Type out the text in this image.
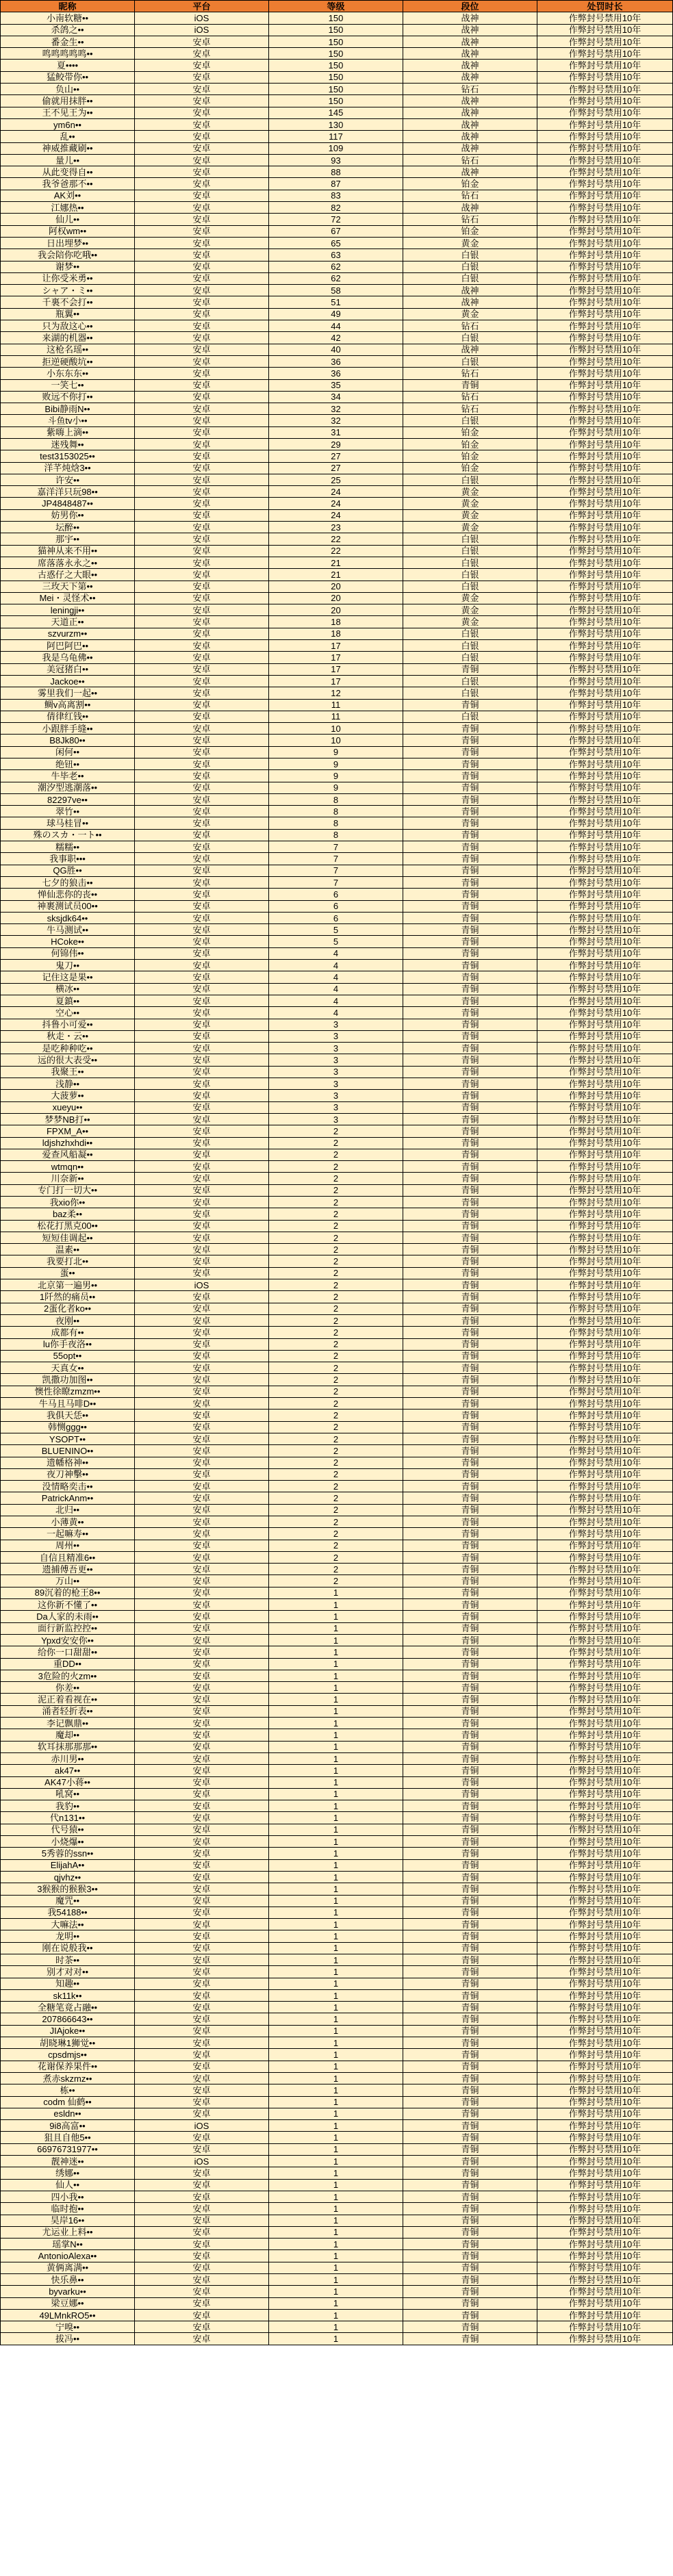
昵称	平台	等级	段位	处罚时长
小南软糖••	iOS	150	战神	作弊封号禁用10年
杀鸽之••	iOS	150	战神	作弊封号禁用10年
番金生••	安卓	150	战神	作弊封号禁用10年
鸣鸣鸣鸣鸣••	安卓	150	战神	作弊封号禁用10年
夏••••	安卓	150	战神	作弊封号禁用10年
猛鲛带你••	安卓	150	战神	作弊封号禁用10年
负山••	安卓	150	钻石	作弊封号禁用10年
偷就用抹胖••	安卓	150	战神	作弊封号禁用10年
王不见王为••	安卓	145	战神	作弊封号禁用10年
ym6n••	安卓	130	战神	作弊封号禁用10年
乱••	安卓	117	战神	作弊封号禁用10年
神威推藏刷••	安卓	109	战神	作弊封号禁用10年
量儿••	安卓	93	钻石	作弊封号禁用10年
从此变得自••	安卓	88	战神	作弊封号禁用10年
我爷爸那不••	安卓	87	铂金	作弊封号禁用10年
AK刘••	安卓	83	钻石	作弊封号禁用10年
江娜热••	安卓	82	战神	作弊封号禁用10年
仙儿••	安卓	72	钻石	作弊封号禁用10年
阿权wm••	安卓	67	铂金	作弊封号禁用10年
日出埋梦••	安卓	65	黄金	作弊封号禁用10年
我会陪你吃哦••	安卓	63	白银	作弊封号禁用10年
谢梦••	安卓	62	白银	作弊封号禁用10年
让你受米勇••	安卓	62	白银	作弊封号禁用10年
シャア・ミ••	安卓	58	战神	作弊封号禁用10年
千裏不会打••	安卓	51	战神	作弊封号禁用10年
瓶翼••	安卓	49	黄金	作弊封号禁用10年
只为敌这心••	安卓	44	钻石	作弊封号禁用10年
来湖的机器••	安卓	42	白银	作弊封号禁用10年
这枪名瑶••	安卓	40	战神	作弊封号禁用10年
拒逆硬酸坑••	安卓	36	白银	作弊封号禁用10年
小东东东••	安卓	36	钻石	作弊封号禁用10年
一笑七••	安卓	35	青铜	作弊封号禁用10年
败远不你打••	安卓	34	钻石	作弊封号禁用10年
Bibi静雨N••	安卓	32	钻石	作弊封号禁用10年
斗鱼tv小••	安卓	32	白银	作弊封号禁用10年
紫嗨上滴••	安卓	31	铂金	作弊封号禁用10年
迷残舞••	安卓	29	铂金	作弊封号禁用10年
test3153025••	安卓	27	铂金	作弊封号禁用10年
洋芊炖焓3••	安卓	27	铂金	作弊封号禁用10年
许安••	安卓	25	白银	作弊封号禁用10年
嘉洋洋只玩98••	安卓	24	黄金	作弊封号禁用10年
JP4848487••	安卓	24	黄金	作弊封号禁用10年
妨男你••	安卓	24	黄金	作弊封号禁用10年
坛醉••	安卓	23	黄金	作弊封号禁用10年
那宇••	安卓	22	白银	作弊封号禁用10年
猫神从来不用••	安卓	22	白银	作弊封号禁用10年
席落落永永之••	安卓	21	白银	作弊封号禁用10年
古惑仔之大眼••	安卓	21	白银	作弊封号禁用10年
三玫天下第••	安卓	20	白银	作弊封号禁用10年
Mei・灵怪术••	安卓	20	黄金	作弊封号禁用10年
leningji••	安卓	20	黄金	作弊封号禁用10年
天道正••	安卓	18	黄金	作弊封号禁用10年
szvurzm••	安卓	18	白银	作弊封号禁用10年
阿巴阿巴••	安卓	17	白银	作弊封号禁用10年
我是乌龟佛••	安卓	17	白银	作弊封号禁用10年
美冠猪白••	安卓	17	青铜	作弊封号禁用10年
Jackoe••	安卓	17	白银	作弊封号禁用10年
雾里我们一起••	安卓	12	白银	作弊封号禁用10年
鲷v高离割••	安卓	11	青铜	作弊封号禁用10年
倩律红钱••	安卓	11	白银	作弊封号禁用10年
小跟胖手缝••	安卓	10	青铜	作弊封号禁用10年
B8Jk80••	安卓	10	青铜	作弊封号禁用10年
闲何••	安卓	9	青铜	作弊封号禁用10年
绝钮••	安卓	9	青铜	作弊封号禁用10年
牛毕老••	安卓	9	青铜	作弊封号禁用10年
潮汐型逃潮落••	安卓	9	青铜	作弊封号禁用10年
82297ve••	安卓	8	青铜	作弊封号禁用10年
翠竹••	安卓	8	青铜	作弊封号禁用10年
球马桂冒••	安卓	8	青铜	作弊封号禁用10年
殊のスカ・一ト••	安卓	8	青铜	作弊封号禁用10年
糯糯••	安卓	7	青铜	作弊封号禁用10年
我事职•••	安卓	7	青铜	作弊封号禁用10年
QG胜••	安卓	7	青铜	作弊封号禁用10年
七夕的狼击••	安卓	7	青铜	作弊封号禁用10年
惮仙悲你的丧••	安卓	6	青铜	作弊封号禁用10年
神裹测试员00••	安卓	6	青铜	作弊封号禁用10年
sksjdk64••	安卓	6	青铜	作弊封号禁用10年
牛马测试••	安卓	5	青铜	作弊封号禁用10年
HCoke••	安卓	5	青铜	作弊封号禁用10年
何锦伟••	安卓	4	青铜	作弊封号禁用10年
鬼刀••	安卓	4	青铜	作弊封号禁用10年
记住这是果••	安卓	4	青铜	作弊封号禁用10年
横冰••	安卓	4	青铜	作弊封号禁用10年
夏鎮••	安卓	4	青铜	作弊封号禁用10年
空心••	安卓	4	青铜	作弊封号禁用10年
抖鲁小可爱••	安卓	3	青铜	作弊封号禁用10年
秋走・云••	安卓	3	青铜	作弊封号禁用10年
是吃种种吃••	安卓	3	青铜	作弊封号禁用10年
远的很大表受••	安卓	3	青铜	作弊封号禁用10年
我聚王••	安卓	3	青铜	作弊封号禁用10年
浅静••	安卓	3	青铜	作弊封号禁用10年
大菠萝••	安卓	3	青铜	作弊封号禁用10年
xueyu••	安卓	3	青铜	作弊封号禁用10年
梦梦NB打••	安卓	3	青铜	作弊封号禁用10年
FPXM_A••	安卓	2	青铜	作弊封号禁用10年
ldjshzhxhdi••	安卓	2	青铜	作弊封号禁用10年
爱查风船凝••	安卓	2	青铜	作弊封号禁用10年
wtmqn••	安卓	2	青铜	作弊封号禁用10年
川奈新••	安卓	2	青铜	作弊封号禁用10年
专门打一切大••	安卓	2	青铜	作弊封号禁用10年
我xio你••	安卓	2	青铜	作弊封号禁用10年
baz柔••	安卓	2	青铜	作弊封号禁用10年
松花打黑克00••	安卓	2	青铜	作弊封号禁用10年
短短佳调起••	安卓	2	青铜	作弊封号禁用10年
温素••	安卓	2	青铜	作弊封号禁用10年
我要打北••	安卓	2	青铜	作弊封号禁用10年
蛋••	安卓	2	青铜	作弊封号禁用10年
北京第一遍男••	iOS	2	青铜	作弊封号禁用10年
1阡然的痛员••	安卓	2	青铜	作弊封号禁用10年
2蛋化者ko••	安卓	2	青铜	作弊封号禁用10年
夜刚••	安卓	2	青铜	作弊封号禁用10年
成都有••	安卓	2	青铜	作弊封号禁用10年
lu你手夜洛••	安卓	2	青铜	作弊封号禁用10年
55opt••	安卓	2	青铜	作弊封号禁用10年
天真女••	安卓	2	青铜	作弊封号禁用10年
凯撒功加图••	安卓	2	青铜	作弊封号禁用10年
懊性徐瞭zmzm••	安卓	2	青铜	作弊封号禁用10年
牛马且马啡D••	安卓	2	青铜	作弊封号禁用10年
我俱天恁••	安卓	2	青铜	作弊封号禁用10年
韩恻ggg••	安卓	2	青铜	作弊封号禁用10年
YSOPT••	安卓	2	青铜	作弊封号禁用10年
BLUENINO••	安卓	2	青铜	作弊封号禁用10年
遗幡格神••	安卓	2	青铜	作弊封号禁用10年
夜刀神擊••	安卓	2	青铜	作弊封号禁用10年
没情略奕击••	安卓	2	青铜	作弊封号禁用10年
PatrickAnm••	安卓	2	青铜	作弊封号禁用10年
北归••	安卓	2	青铜	作弊封号禁用10年
小薄黄••	安卓	2	青铜	作弊封号禁用10年
一起嘛寿••	安卓	2	青铜	作弊封号禁用10年
周州••	安卓	2	青铜	作弊封号禁用10年
自信且精准6••	安卓	2	青铜	作弊封号禁用10年
遗捕傅吾更••	安卓	2	青铜	作弊封号禁用10年
万山••	安卓	2	青铜	作弊封号禁用10年
89沉着的枪王8••	安卓	1	青铜	作弊封号禁用10年
这你新不懂了••	安卓	1	青铜	作弊封号禁用10年
Da人家的未雨••	安卓	1	青铜	作弊封号禁用10年
面行新监控控••	安卓	1	青铜	作弊封号禁用10年
Ypxd安安你••	安卓	1	青铜	作弊封号禁用10年
给你一口甜甜••	安卓	1	青铜	作弊封号禁用10年
重DD••	安卓	1	青铜	作弊封号禁用10年
3危险的火zm••	安卓	1	青铜	作弊封号禁用10年
你差••	安卓	1	青铜	作弊封号禁用10年
泥正着看视在••	安卓	1	青铜	作弊封号禁用10年
涌者轻折表••	安卓	1	青铜	作弊封号禁用10年
李记飘鼎••	安卓	1	青铜	作弊封号禁用10年
魔却••	安卓	1	青铜	作弊封号禁用10年
软耳抹那那那••	安卓	1	青铜	作弊封号禁用10年
赤川男••	安卓	1	青铜	作弊封号禁用10年
ak47••	安卓	1	青铜	作弊封号禁用10年
AK47小蒋••	安卓	1	青铜	作弊封号禁用10年
吼窝••	安卓	1	青铜	作弊封号禁用10年
我豹••	安卓	1	青铜	作弊封号禁用10年
代n131••	安卓	1	青铜	作弊封号禁用10年
代号猿••	安卓	1	青铜	作弊封号禁用10年
小烧爆••	安卓	1	青铜	作弊封号禁用10年
5秀蓉的ssn••	安卓	1	青铜	作弊封号禁用10年
ElijahA••	安卓	1	青铜	作弊封号禁用10年
qjvhz••	安卓	1	青铜	作弊封号禁用10年
3猴猴的猴猴3••	安卓	1	青铜	作弊封号禁用10年
魔咒••	安卓	1	青铜	作弊封号禁用10年
我54188••	安卓	1	青铜	作弊封号禁用10年
大嘛法••	安卓	1	青铜	作弊封号禁用10年
龙明••	安卓	1	青铜	作弊封号禁用10年
刚在说般我••	安卓	1	青铜	作弊封号禁用10年
时茶••	安卓	1	青铜	作弊封号禁用10年
别才对对••	安卓	1	青铜	作弊封号禁用10年
知趣••	安卓	1	青铜	作弊封号禁用10年
sk11k••	安卓	1	青铜	作弊封号禁用10年
全糖笔竟占融••	安卓	1	青铜	作弊封号禁用10年
207866643••	安卓	1	青铜	作弊封号禁用10年
JIAjoke••	安卓	1	青铜	作弊封号禁用10年
胡晓琳1狮觉••	安卓	1	青铜	作弊封号禁用10年
cpsdmjs••	安卓	1	青铜	作弊封号禁用10年
花谢保养果件••	安卓	1	青铜	作弊封号禁用10年
煮赤skzmz••	安卓	1	青铜	作弊封号禁用10年
栋••	安卓	1	青铜	作弊封号禁用10年
codm 仙鹤••	安卓	1	青铜	作弊封号禁用10年
esldn••	安卓	1	青铜	作弊封号禁用10年
9i8高富••	iOS	1	青铜	作弊封号禁用10年
狙且自他5••	安卓	1	青铜	作弊封号禁用10年
66976731977••	安卓	1	青铜	作弊封号禁用10年
靓神迷••	iOS	1	青铜	作弊封号禁用10年
绣娜••	安卓	1	青铜	作弊封号禁用10年
仙人••	安卓	1	青铜	作弊封号禁用10年
四小我••	安卓	1	青铜	作弊封号禁用10年
临时抱••	安卓	1	青铜	作弊封号禁用10年
昊岸16••	安卓	1	青铜	作弊封号禁用10年
尤运业上料••	安卓	1	青铜	作弊封号禁用10年
瑶掌N••	安卓	1	青铜	作弊封号禁用10年
AntonioAlexa••	安卓	1	青铜	作弊封号禁用10年
黄俩离满••	安卓	1	青铜	作弊封号禁用10年
快乐鼻••	安卓	1	青铜	作弊封号禁用10年
byvarku••	安卓	1	青铜	作弊封号禁用10年
梁豆娜••	安卓	1	青铜	作弊封号禁用10年
49LMnkRO5••	安卓	1	青铜	作弊封号禁用10年
宁嗅••	安卓	1	青铜	作弊封号禁用10年
拔冯••	安卓	1	青铜	作弊封号禁用10年
